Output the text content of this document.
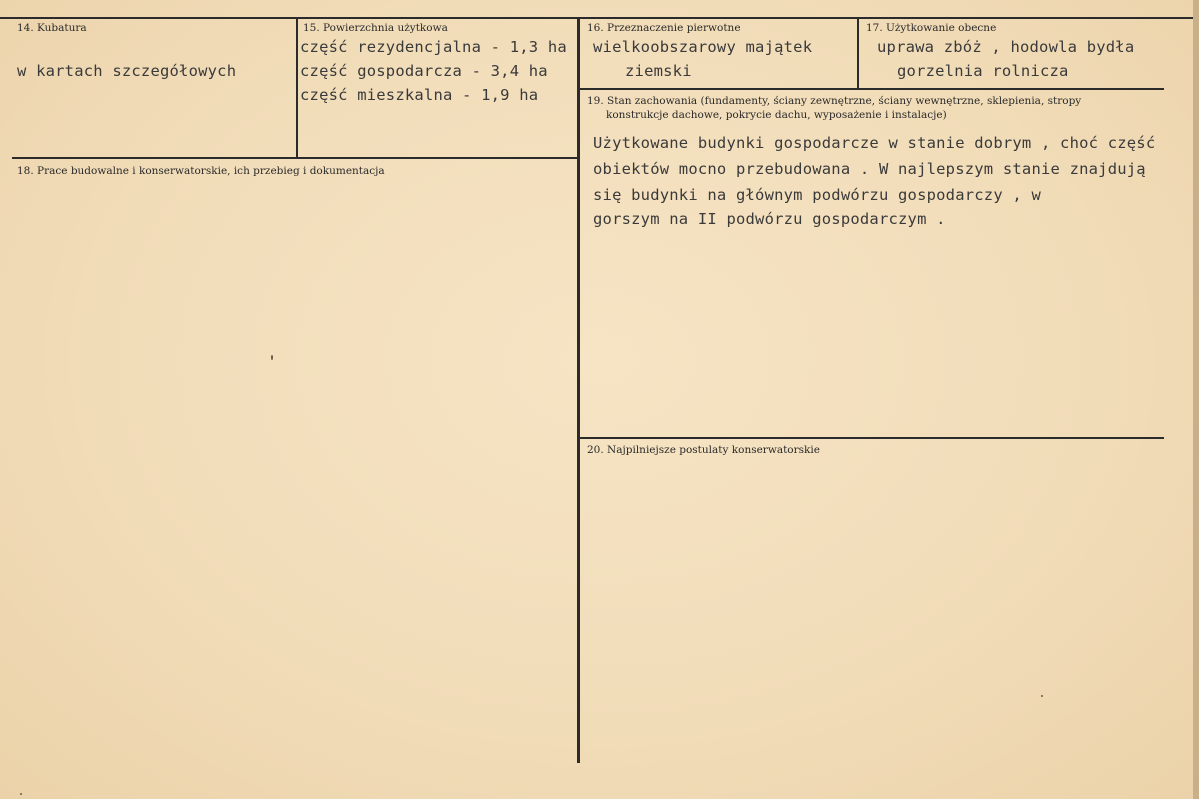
14. Kubatura
w kartach szczegółowych
15. Powierzchnia użytkowa
część rezydencjalna - 1,3 ha
część gospodarcza - 3,4 ha
część mieszkalna - 1,9 ha
16. Przeznaczenie pierwotne
wielkoobszarowy majątek
ziemski
17. Użytkowanie obecne
uprawa zbóż , hodowla bydła
gorzelnia rolnicza
18. Prace budowalne i konserwatorskie, ich przebieg i dokumentacja
19. Stan zachowania (fundamenty, ściany zewnętrzne, ściany wewnętrzne, sklepienia, stropy
konstrukcje dachowe, pokrycie dachu, wyposażenie i instalacje)
Użytkowane budynki gospodarcze w stanie dobrym , choć część
obiektów mocno przebudowana . W najlepszym stanie znajdują
się budynki na głównym podwórzu gospodarczy , w
gorszym na II podwórzu gospodarczym .
20. Najpilniejsze postulaty konserwatorskie
